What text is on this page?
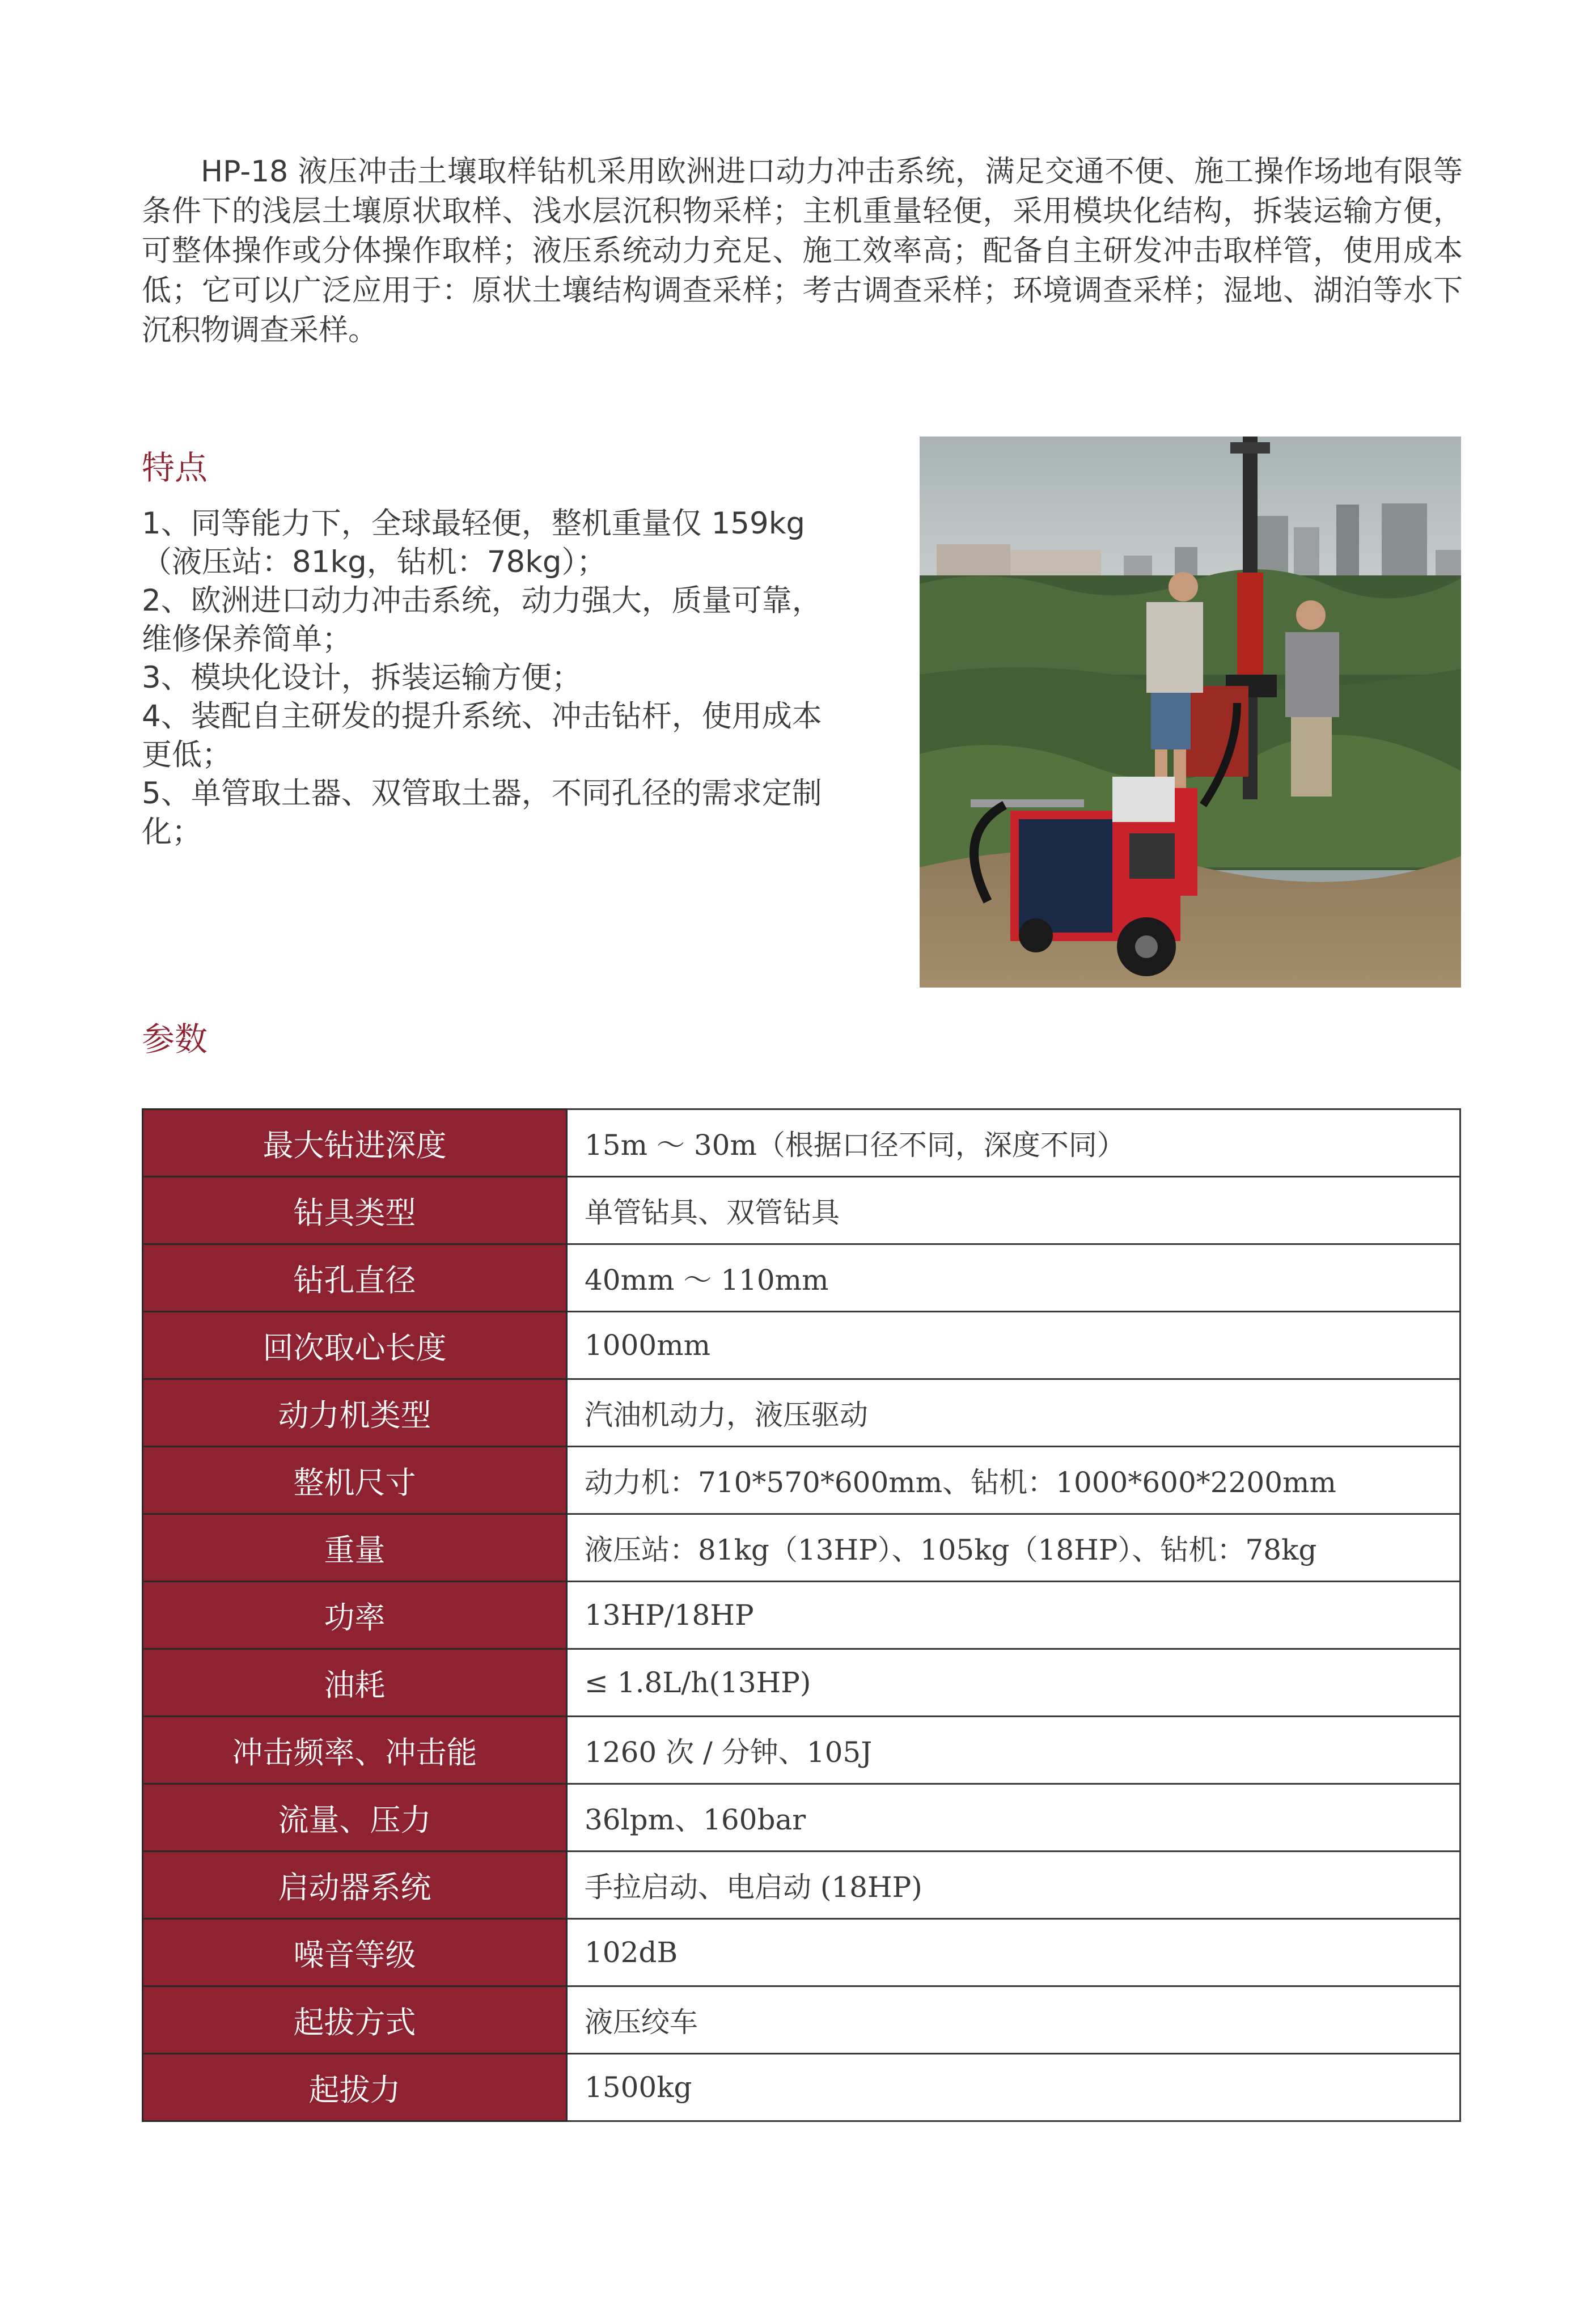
HP-18 液压冲击土壤取样钻机采用欧洲进口动力冲击系统，满足交通不便、施工操作场地有限等条件下的浅层土壤原状取样、浅水层沉积物采样；主机重量轻便，采用模块化结构，拆装运输方便，可整体操作或分体操作取样；液压系统动力充足、施工效率高；配备自主研发冲击取样管，使用成本低；它可以广泛应用于：原状土壤结构调查采样；考古调查采样；环境调查采样；湿地、湖泊等水下沉积物调查采样。

特点
1、同等能力下，全球最轻便，整机重量仅 159kg（液压站：81kg，钻机：78kg）；
2、欧洲进口动力冲击系统，动力强大，质量可靠，维修保养简单；
3、模块化设计，拆装运输方便；
4、装配自主研发的提升系统、冲击钻杆，使用成本更低；
5、单管取土器、双管取土器，不同孔径的需求定制化；
参数
最大钻进深度	15m ～ 30m（根据口径不同，深度不同）
钻具类型	单管钻具、双管钻具
钻孔直径	40mm ～ 110mm
回次取心长度	1000mm
动力机类型	汽油机动力，液压驱动
整机尺寸	动力机：710*570*600mm、钻机：1000*600*2200mm
重量	液压站：81kg（13HP）、105kg（18HP）、钻机：78kg
功率	13HP/18HP
油耗	≤ 1.8L/h(13HP)
冲击频率、冲击能	1260 次 / 分钟、105J
流量、压力	36lpm、160bar
启动器系统	手拉启动、电启动 (18HP)
噪音等级	102dB
起拔方式	液压绞车
起拔力	1500kg
